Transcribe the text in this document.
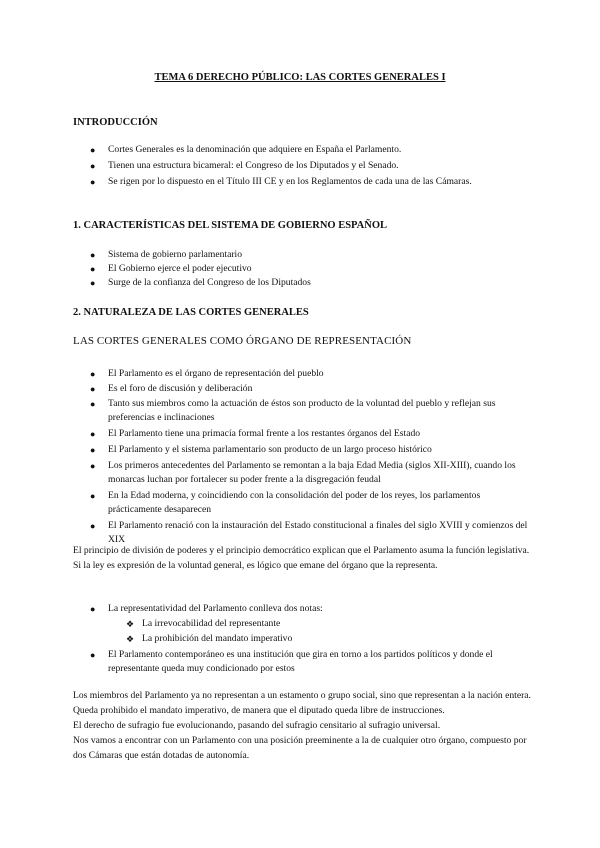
TEMA 6 DERECHO PÚBLICO: LAS CORTES GENERALES I
INTRODUCCIÓN
● Cortes Generales es la denominación que adquiere en España el Parlamento.
● Tienen una estructura bicameral: el Congreso de los Diputados y el Senado.
● Se rigen por lo dispuesto en el Título III CE y en los Reglamentos de cada una de las Cámaras.
1. CARACTERÍSTICAS DEL SISTEMA DE GOBIERNO ESPAÑOL
● Sistema de gobierno parlamentario
● El Gobierno ejerce el poder ejecutivo
● Surge de la confianza del Congreso de los Diputados
2. NATURALEZA DE LAS CORTES GENERALES
LAS CORTES GENERALES COMO ÓRGANO DE REPRESENTACIÓN
● El Parlamento es el órgano de representación del pueblo
● Es el foro de discusión y deliberación
● Tanto sus miembros como la actuación de éstos son producto de la voluntad del pueblo y reflejan sus preferencias e inclinaciones
● El Parlamento tiene una primacía formal frente a los restantes órganos del Estado
● El Parlamento y el sistema parlamentario son producto de un largo proceso histórico
● Los primeros antecedentes del Parlamento se remontan a la baja Edad Media (siglos XII-XIII), cuando los monarcas luchan por fortalecer su poder frente a la disgregación feudal
● En la Edad moderna, y coincidiendo con la consolidación del poder de los reyes, los parlamentos prácticamente desaparecen
● El Parlamento renació con la instauración del Estado constitucional a finales del siglo XVIII y comienzos del XIX
El principio de división de poderes y el principio democrático explican que el Parlamento asuma la función legislativa. Si la ley es expresión de la voluntad general, es lógico que emane del órgano que la representa.
● La representatividad del Parlamento conlleva dos notas:
❖ La irrevocabilidad del representante
❖ La prohibición del mandato imperativo
● El Parlamento contemporáneo es una institución que gira en torno a los partidos políticos y donde el representante queda muy condicionado por estos
Los miembros del Parlamento ya no representan a un estamento o grupo social, sino que representan a la nación entera.
Queda prohibido el mandato imperativo, de manera que el diputado queda libre de instrucciones.
El derecho de sufragio fue evolucionando, pasando del sufragio censitario al sufragio universal.
Nos vamos a encontrar con un Parlamento con una posición preeminente a la de cualquier otro órgano, compuesto por dos Cámaras que están dotadas de autonomía.
